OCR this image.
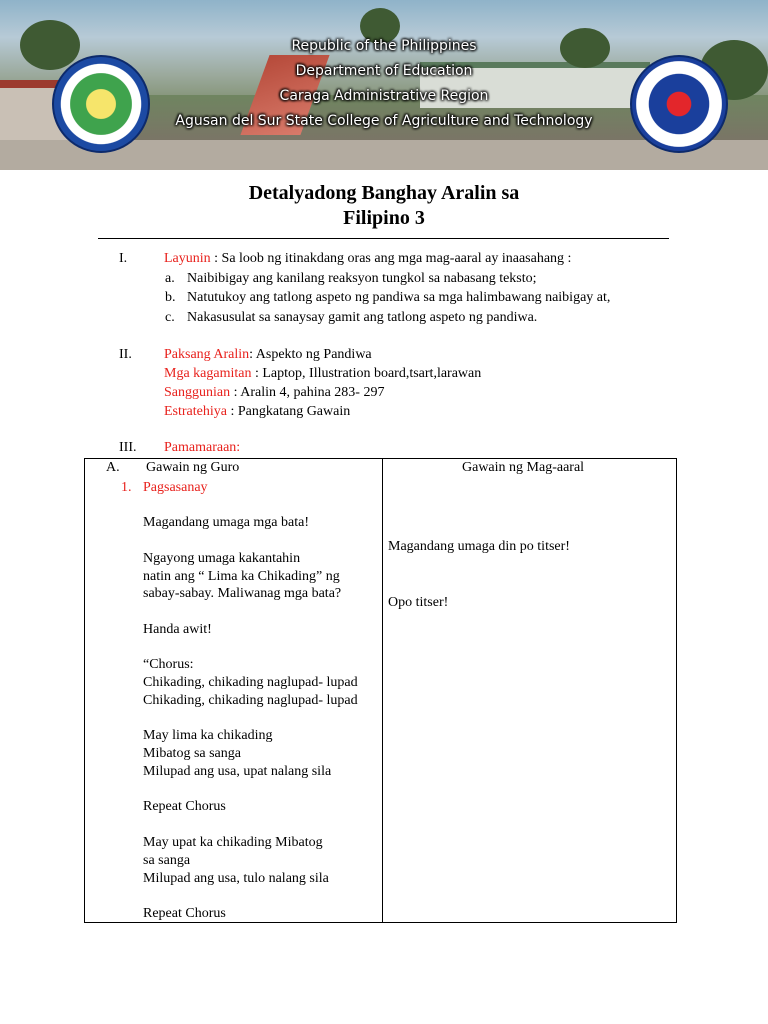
Republic of the Philippines
Department of Education
Caraga Administrative Region
Agusan del Sur State College of Agriculture and Technology
Detalyadong Banghay Aralin sa
Filipino 3
I.	Layunin : Sa loob ng itinakdang oras ang mga mag-aaral ay inaasahang :
a. Naibibigay ang kanilang reaksyon tungkol sa nabasang teksto;
b. Natutukoy ang tatlong aspeto ng pandiwa sa mga halimbawang naibigay at,
c. Nakasusulat sa sanaysay gamit ang tatlong aspeto ng pandiwa.
II. Paksang Aralin: Aspekto ng Pandiwa
Mga kagamitan : Laptop, Illustration board,tsart,larawan
Sanggunian : Aralin 4, pahina 283- 297
Estratehiya : Pangkatang Gawain
III. Pamamaraan:
A. Gawain ng Guro	Gawain ng Mag-aaral
1. Pagsasanay
Magandang umaga mga bata!
Ngayong umaga kakantahin
natin ang “ Lima ka Chikading” ng
sabay-sabay. Maliwanag mga bata?
Handa awit!
“Chorus:
Chikading, chikading naglupad- lupad
Chikading, chikading naglupad- lupad
May lima ka chikading
Mibatog sa sanga
Milupad ang usa, upat nalang sila
Repeat Chorus
May upat ka chikading Mibatog
sa sanga
Milupad ang usa, tulo nalang sila
Repeat Chorus
Magandang umaga din po titser!
Opo titser!
